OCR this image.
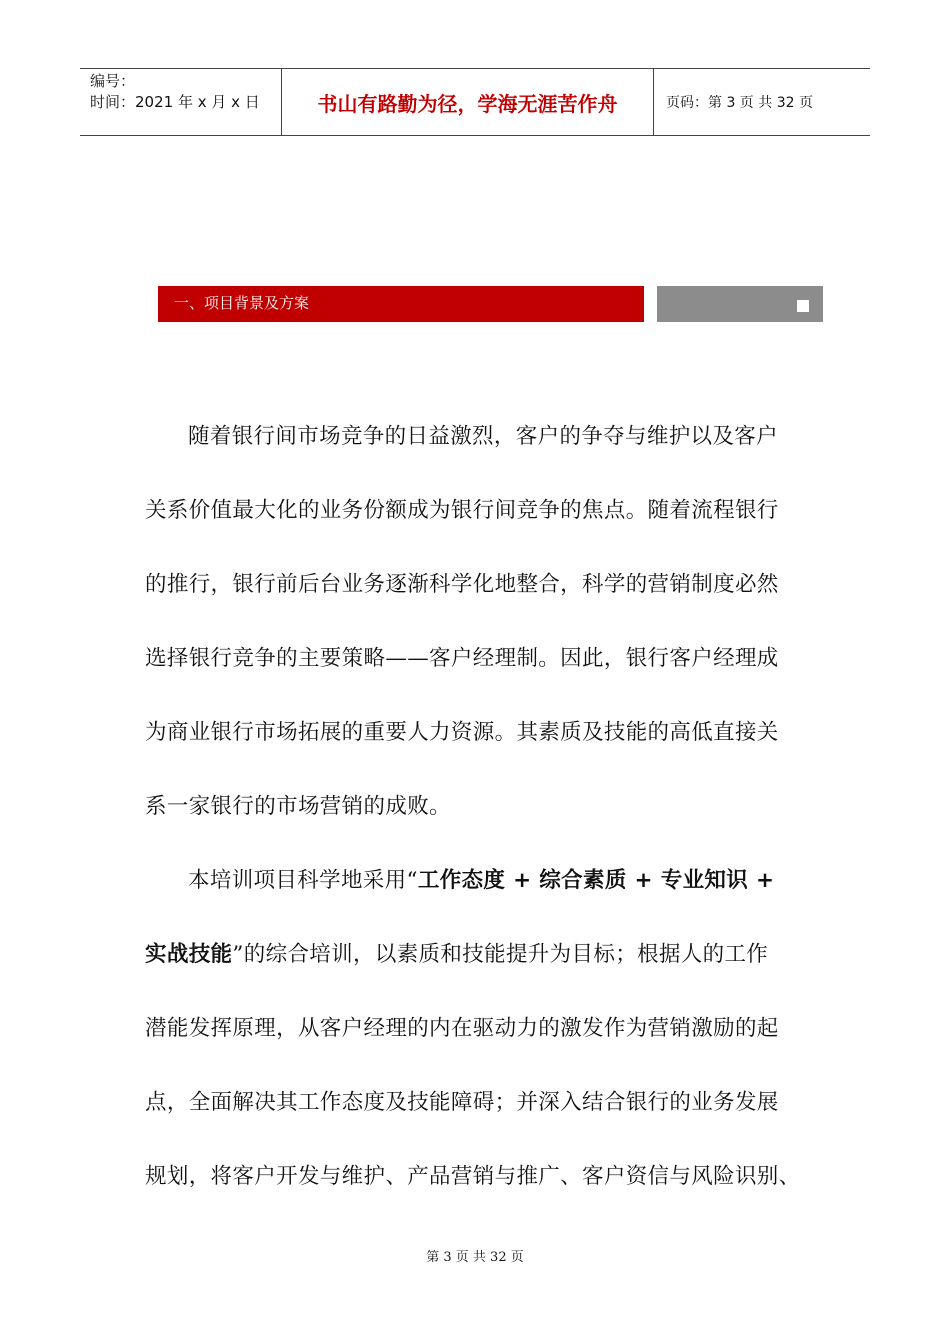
编号：
时间：2021 年 x 月 x 日	书山有路勤为径，学海无涯苦作舟	页码：第 3 页 共 32 页
一、项目背景及方案
随着银行间市场竞争的日益激烈，客户的争夺与维护以及客户
关系价值最大化的业务份额成为银行间竞争的焦点。随着流程银行
的推行，银行前后台业务逐渐科学化地整合，科学的营销制度必然
选择银行竞争的主要策略——客户经理制。因此，银行客户经理成
为商业银行市场拓展的重要人力资源。其素质及技能的高低直接关
系一家银行的市场营销的成败。
本培训项目科学地采用“工作态度 + 综合素质 + 专业知识 +
实战技能”的综合培训，以素质和技能提升为目标；根据人的工作
潜能发挥原理，从客户经理的内在驱动力的激发作为营销激励的起
点，全面解决其工作态度及技能障碍；并深入结合银行的业务发展
规划，将客户开发与维护、产品营销与推广、客户资信与风险识别、
第 3 页 共 32 页
